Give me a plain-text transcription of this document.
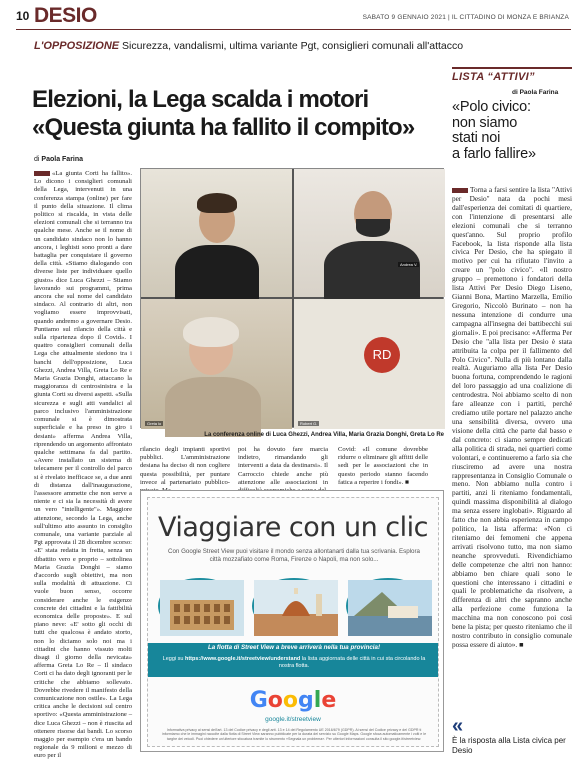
10 DESIO	SABATO 9 GENNAIO 2021 | IL CITTADINO DI MONZA E BRIANZA
L'OPPOSIZIONE Sicurezza, vandalismi, ultima variante Pgt, consiglieri comunali all'attacco
Elezioni, la Lega scalda i motori
«Questa giunta ha fallito il compito»
di Paola Farina
«La giunta Corti ha fallito». Lo dicono i consiglieri comunali della Lega, intervenuti in una conferenza stampa (online) per fare il punto della situazione. Il clima politico si riscalda, in vista delle elezioni comunali che si terranno tra qualche mese. Anche se il nome di un candidato sindaco non lo hanno ancora, i leghisti sono pronti a dare battaglia per conquistare il governo della città. «Stiamo dialogando con diverse liste per individuare quello giusto» dice Luca Ghezzi – Stiamo lavorando sui programmi, prima ancora che sul nome del candidato sindaco. Al contrario di altri, non vogliamo essere improvvisati, quando andremo a governare Desio. Puntiamo sul rilancio della città e sulla ripartenza dopo il Covid». I quattro consiglieri comunali della Lega che attualmente siedono tra i banchi dell'opposizione, Luca Ghezzi, Andrea Villa, Greta Lo Re e Maria Grazia Donghi, attaccano la maggioranza di centrosinistra e la giunta Corti su diversi aspetti. «Sulla sicurezza e sugli atti vandalici al parco inclusivo l'amministrazione comunale si è dimostrata superficiale e ha preso in giro i desiani» afferma Andrea Villa, riprendendo un argomento affrontato qualche settimana fa dal partito. «Avere installato un sistema di telecamere per il controllo del parco si è rivelato inefficace se, a due anni di distanza dall'inaugurazione, l'assessore ammette che non serve a niente e ci sia la necessità di avere un vero "intelligente"». Maggiore attenzione, secondo la Lega, anche sull'ultimo atto assunto in consiglio comunale, una variante parziale al Pgt approvata il 28 dicembre scorso: «E' stata redatta in fretta, senza un dibattito vero e proprio – sottolinea Maria Grazia Donghi – siamo d'accordo sugli obiettivi, ma non sulla modalità di attuazione. Ci vuole buon senso, occorre considerare anche le esigenze concrete dei cittadini e la fattibilità economica delle proposte». E sul piano neve: «E' sotto gli occhi di tutti che qualcosa è andato storto, non lo diciamo solo noi ma i cittadini che hanno vissuto molti disagi il giorno della nevicata» afferma Greta Lo Re – Il sindaco Corti ci ha dato degli ignoranti per le critiche che abbiamo sollevato. Dovrebbe rivedere il manifesto della comunicazione non ostile». La Lega critica anche le decisioni sul centro sportivo: «Questa amministrazione – dice Luca Ghezzi – non è riuscita ad ottenere risorse dai bandi. Lo scorso maggio per esempio c'era un bando regionale da 9 milioni e mezzo di euro per il
Andrea V.
Greta lo
RD
Robert G.
La conferenza online di Luca Ghezzi, Andrea Villa, Maria Grazia Donghi, Greta Lo Re
rilancio degli impianti sportivi pubblici. L'amministrazione desiana ha deciso di non cogliere questa possibilità, per puntare invece al partenariato pubblico-
poi ha dovuto fare marcia indietro, rimandando gli interventi a data da destinarsi». Il Carroccio chiede anche più attenzione alle associazioni in
Covid: «Il comune dovrebbe ridurre o eliminare gli affitti delle sedi per le associazioni che in questo periodo stanno facendo fatica a reperire i fondi». ■
Viaggiare con un clic
Con Google Street View puoi visitare il mondo senza allontanarti dalla tua scrivania. Esplora città mozzafiato come Roma, Firenze o Napoli, ma non solo...
La flotta di Street View a breve arriverà nella tua provincia!
Leggi su https://www.google.it/streetview/understand la lista aggiornata delle città in cui sta circolando la nostra flotta.
Google
google.it/streetview
Informativa privacy ai sensi dell'art. 13 del Codice privacy e degli artt. 13 e 14 del Regolamento UE 2016/679 (GDPR). Ai sensi del Codice privacy e del GDPR ti informiamo che le immagini raccolte dalla flotta di Street View saranno pubblicate per la durata del servizio su Google Maps. Google sfoca automaticamente i volti e le targhe dei veicoli. Puoi chiedere un'ulteriore sfocatura tramite lo strumento «Segnala un problema». Per ulteriori informazioni consulta il sito google.it/streetview.
LISTA “ATTIVI”
di Paola Farina
«Polo civico:
non siamo
stati noi
a farlo fallire»
Torna a farsi sentire la lista "Attivi per Desio" nata da pochi mesi dall'esperienza dei comitati di quartiere, con l'intenzione di presentarsi alle elezioni comunali che si terranno quest'anno. Sul proprio profilo Facebook, la lista risponde alla lista civica Per Desio, che ha spiegato il motivo per cui ha rifiutato l'invito a creare un "polo civico". «Il nostro gruppo – premettono i fondatori della lista Attivi Per Desio Diego Liseno, Gianni Bona, Martino Marzella, Emilio Gregorio, Niccolò Burinato – non ha nessuna intenzione di condurre una campagna all'insegna dei battibecchi sui giornali». E poi precisano: «Afferma Per Desio che "alla lista per Desio è stata attribuita la colpa per il fallimento del Polo Civico". Nulla di più lontano dalla realtà. Auguriamo alla lista Per Desio buona fortuna, comprendendo le ragioni del loro passaggio ad una coalizione di centrodestra. Noi abbiamo scelto di non fare alleanze con i partiti, perché crediamo utile portare nel palazzo anche una sensibilità diversa, ovvero una visione della città che parte dal basso e dal concreto: ci siamo sempre dedicati alla politica di strada, nei quartieri come volontari, e continueremo a farlo sia che riusciremo ad avere una nostra rappresentanza in Consiglio Comunale o meno. Non abbiamo nulla contro i partiti, anzi li riteniamo fondamentali, quindi massima disponibilità al dialogo ma senza essere inglobati». Riguardo al fatto che non abbia esperienza in campo politico, la lista afferma: «Non ci riteniamo dei femomeni che appena arrivati risolvono tutto, ma non siamo neanche sprovveduti. Rivendichiamo delle competenze che altri non hanno: abbiamo ben chiare quali sono le questioni che interessano i cittadini e quali le problematiche da risolvere, a differenza di altri che sapranno anche alla perfezione come funziona la macchina ma non conoscono poi così bene la pista; per questo riteniamo che il nostro contributo in consiglio comunale possa essere di aiuto». ■
«
È la risposta alla Lista civica per Desio
